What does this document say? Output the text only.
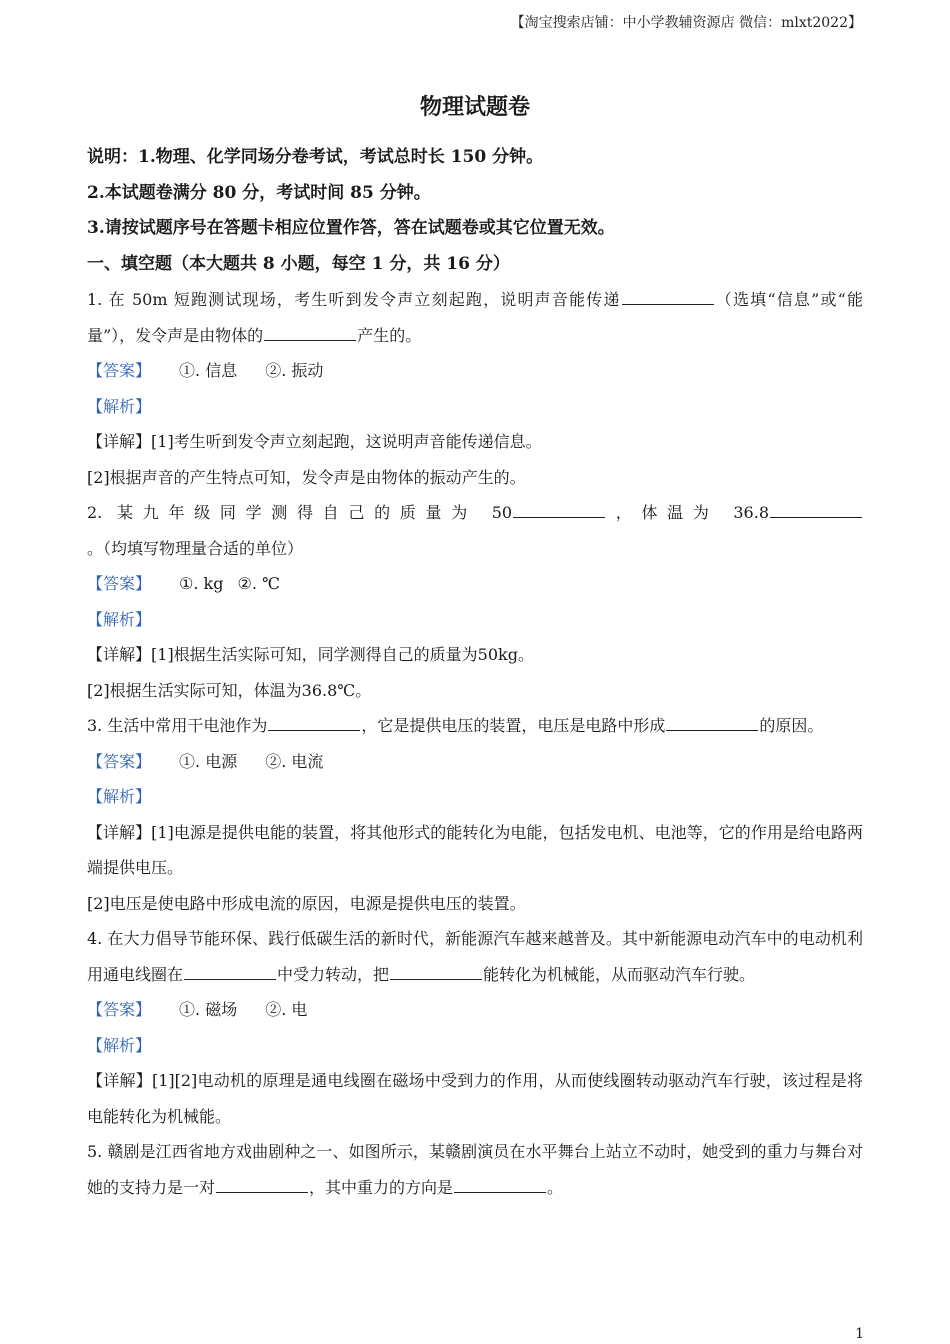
【淘宝搜索店铺：中小学教辅资源店 微信：mlxt2022】
物理试题卷

说明：1.物理、化学同场分卷考试，考试总时长 150 分钟。

2.本试题卷满分 80 分，考试时间 85 分钟。

3.请按试题序号在答题卡相应位置作答，答在试题卷或其它位置无效。

一、填空题（本大题共 8 小题，每空 1 分，共 16 分）

1. 在 50m 短跑测试现场，考生听到发令声立刻起跑，说明声音能传递	（选填“信息”或“能量”），发令声是由物体的	产生的。

【答案】 ①. 信息 ②. 振动

【解析】

【详解】[1]考生听到发令声立刻起跑，这说明声音能传递信息。

[2]根据声音的产生特点可知，发令声是由物体的振动产生的。

2. 某九年级同学测得自己的质量为 50	，体温为 36.8。（均填写物理量合适的单位）

【答案】 ①. kg ②. ℃

【解析】

【详解】[1]根据生活实际可知，同学测得自己的质量为50kg。

[2]根据生活实际可知，体温为36.8℃。

3. 生活中常用干电池作为	，它是提供电压的装置，电压是电路中形成	的原因。

【答案】 ①. 电源 ②. 电流

【解析】

【详解】[1]电源是提供电能的装置，将其他形式的能转化为电能，包括发电机、电池等，它的作用是给电路两端提供电压。

[2]电压是使电路中形成电流的原因，电源是提供电压的装置。

4. 在大力倡导节能环保、践行低碳生活的新时代，新能源汽车越来越普及。其中新能源电动汽车中的电动机利用通电线圈在	中受力转动，把	能转化为机械能，从而驱动汽车行驶。

【答案】 ①. 磁场 ②. 电

【解析】

【详解】[1][2]电动机的原理是通电线圈在磁场中受到力的作用，从而使线圈转动驱动汽车行驶，该过程是将电能转化为机械能。

5. 赣剧是江西省地方戏曲剧种之一、如图所示，某赣剧演员在水平舞台上站立不动时，她受到的重力与舞台对她的支持力是一对	，其中重力的方向是	。

1
